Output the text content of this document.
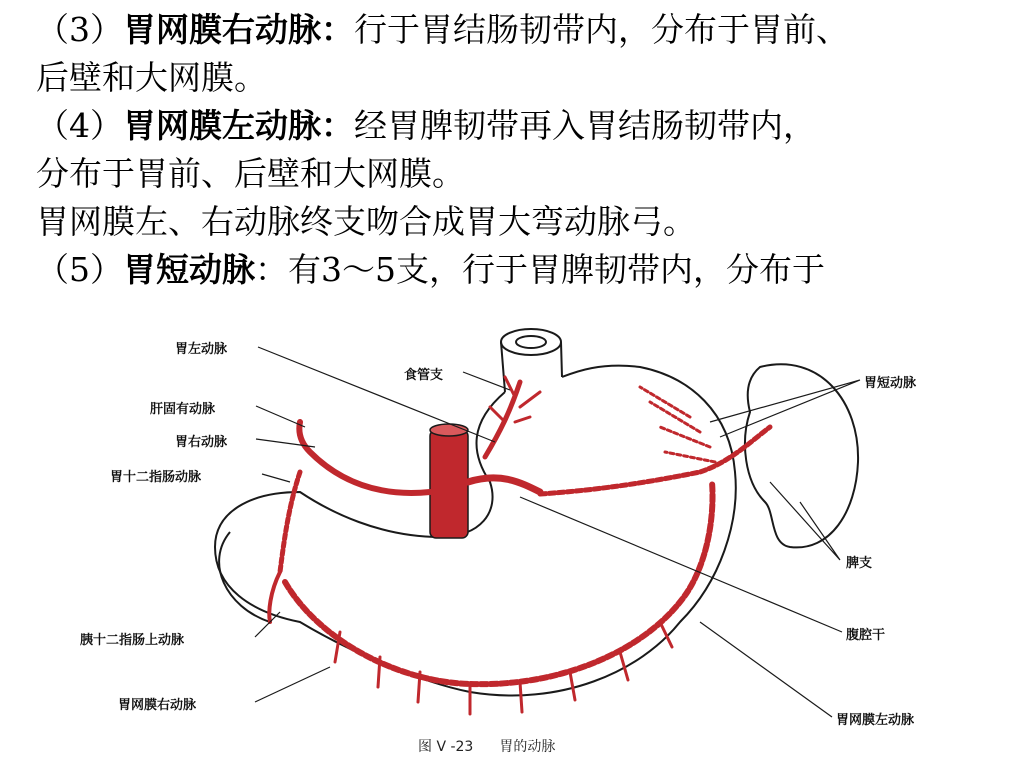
（3）胃网膜右动脉：行于胃结肠韧带内，分布于胃前、
后壁和大网膜。
（4）胃网膜左动脉：经胃脾韧带再入胃结肠韧带内，
分布于胃前、后壁和大网膜。
胃网膜左、右动脉终支吻合成胃大弯动脉弓。
（5）胃短动脉：有3～5支，行于胃脾韧带内，分布于
胃左动脉
食管支
肝固有动脉
胃右动脉
胃十二指肠动脉
胃短动脉
脾支
腹腔干
胰十二指肠上动脉
胃网膜右动脉
胃网膜左动脉
图 V -23 胃的动脉
